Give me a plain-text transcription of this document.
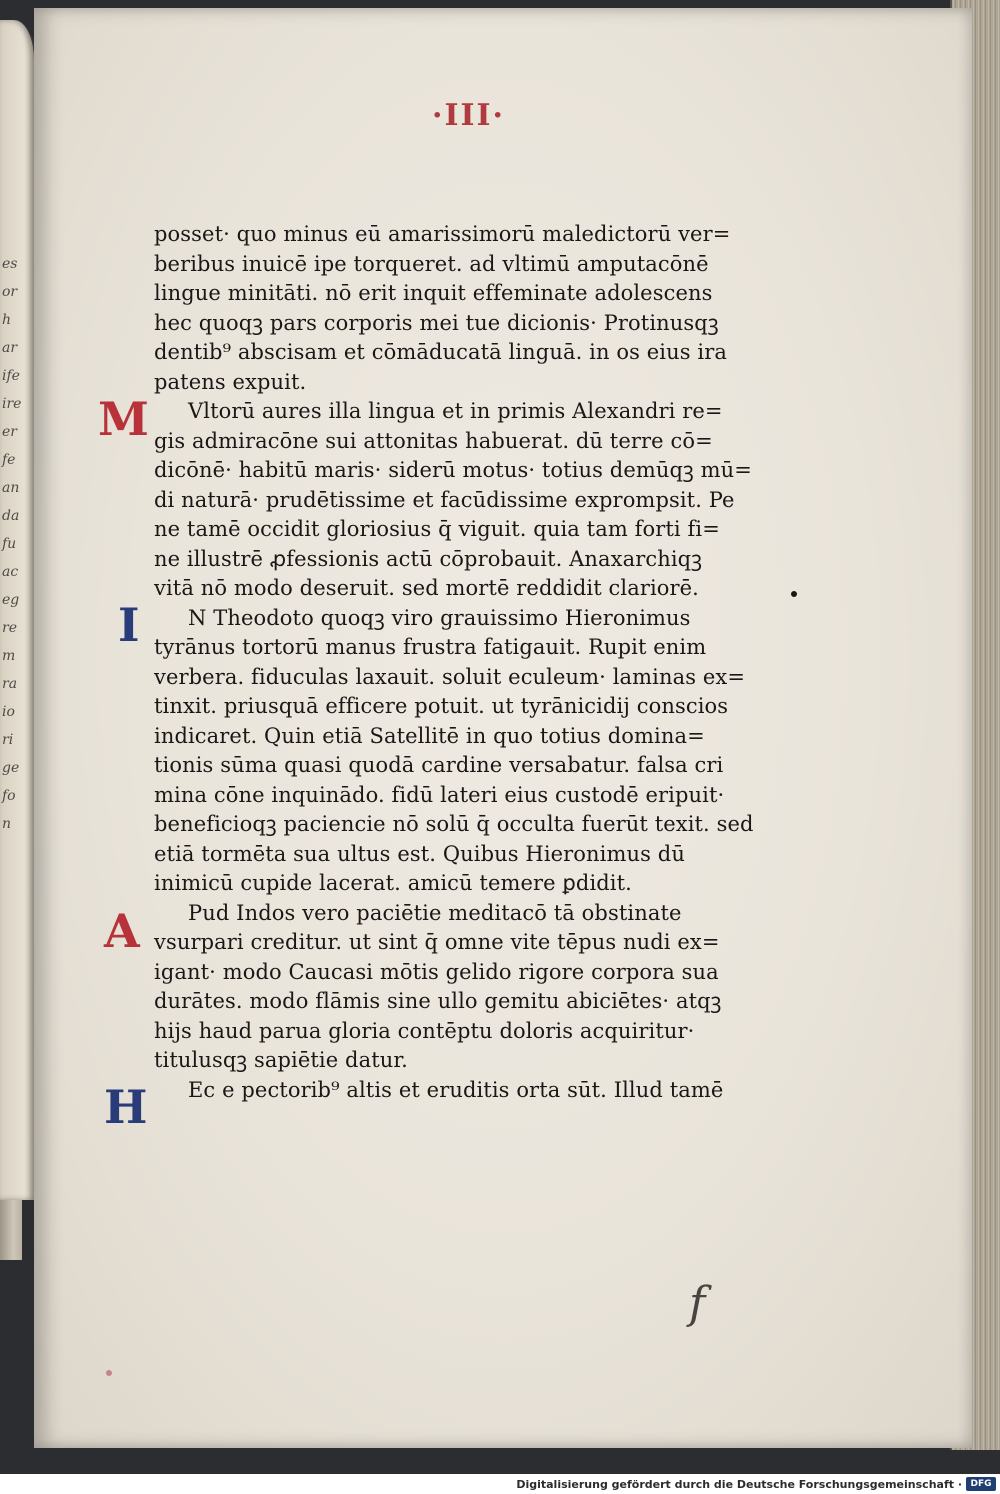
es
or
h
ar
ife
ire
er
fe
an
da
fu
ac
eg
re
m
ra
io
ri
ge
fo
n
·III·
posset· quo minus eū amarissimorū maledictorū ver=
beribus inuicē ipe torqueret. ad vltimū amputacōnē
lingue minitāti. nō erit inquit effeminate adolescens
hec quoqꝫ pars corporis mei tue dicionis· Protinusqꝫ
dentib⁹ abscisam et cōmāducatā linguā. in os eius ira
patens expuit.
Vltorū aures illa lingua et in primis Alexandri re=
gis admiracōne sui attonitas habuerat. dū terre cō=
dicōnē· habitū maris· siderū motus· totius demūqꝫ mū=
di naturā· prudētissime et facūdissime exprompsit. Pe
ne tamē occidit gloriosius q̄ viguit. quia tam forti fi=
ne illustrē ꝓfessionis actū cōprobauit. Anaxarchiqꝫ
vitā nō modo deseruit. sed mortē reddidit clariorē.
N Theodoto quoqꝫ viro grauissimo Hieronimus
tyrānus tortorū manus frustra fatigauit. Rupit enim
verbera. fiduculas laxauit. soluit eculeum· laminas ex=
tinxit. priusquā efficere potuit. ut tyrānicidij conscios
indicaret. Quin etiā Satellitē in quo totius domina=
tionis sūma quasi quodā cardine versabatur. falsa cri
mina cōne inquinādo. fidū lateri eius custodē eripuit·
beneficioqꝫ paciencie nō solū q̄ occulta fuerūt texit. sed
etiā tormēta sua ultus est. Quibus Hieronimus dū
inimicū cupide lacerat. amicū temere ꝑdidit.
Pud Indos vero paciētie meditacō tā obstinate
vsurpari creditur. ut sint q̄ omne vite tēpus nudi ex=
igant· modo Caucasi mōtis gelido rigore corpora sua
durātes. modo flāmis sine ullo gemitu abiciētes· atqꝫ
hijs haud parua gloria contēptu doloris acquiritur·
titulusqꝫ sapiētie datur.
Ec e pectorib⁹ altis et eruditis orta sūt. Illud tamē
M
I
A
H
f
Digitalisierung gefördert durch die Deutsche Forschungsgemeinschaft · DFG
